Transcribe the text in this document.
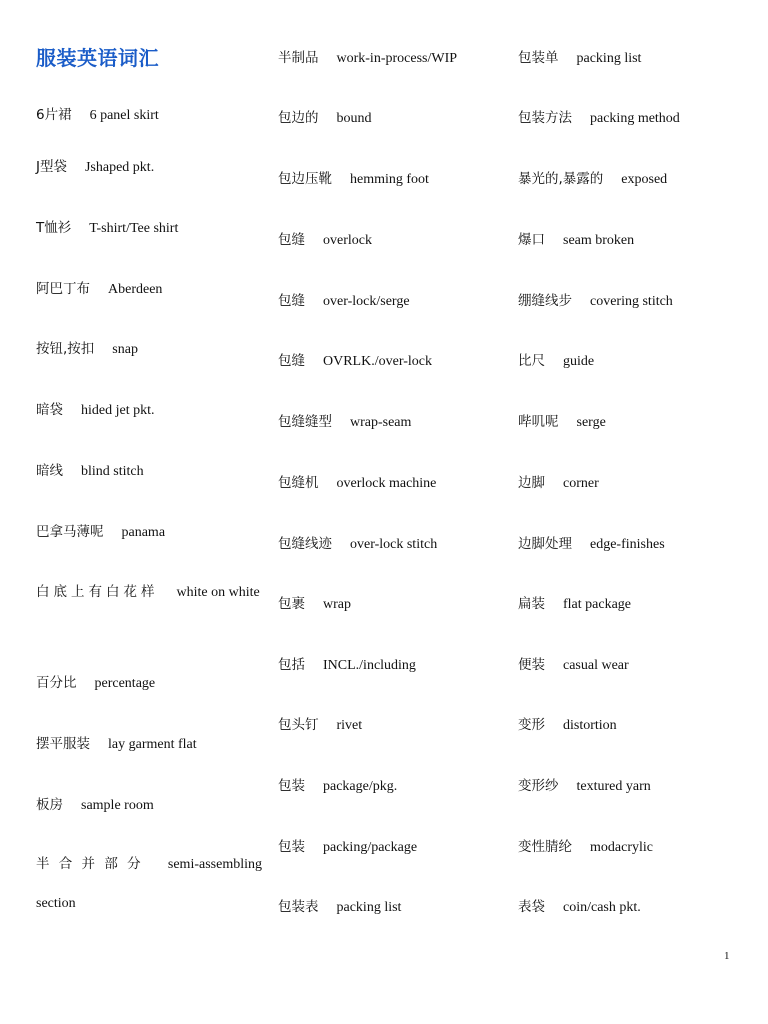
服装英语词汇
6片裙 6 panel skirt
J型袋 Jshaped pkt.
T恤衫 T-shirt/Tee shirt
阿巴丁布 Aberdeen
按钮,按扣 snap
暗袋 hided jet pkt.
暗线 blind stitch
巴拿马薄呢 panama
白底上有白花样 white on white
百分比 percentage
摆平服装 lay garment flat
板房 sample room
半合并部分 semi-assembling section
半制品 work-in-process/WIP
包边的 bound
包边压靴 hemming foot
包缝 overlock
包缝 over-lock/serge
包缝 OVRLK./over-lock
包缝缝型 wrap-seam
包缝机 overlock machine
包缝线迹 over-lock stitch
包裹 wrap
包括 INCL./including
包头钉 rivet
包装 package/pkg.
包装 packing/package
包装表 packing list
包装单 packing list
包装方法 packing method
暴光的,暴露的 exposed
爆口 seam broken
绷缝线步 covering stitch
比尺 guide
哔叽呢 serge
边脚 corner
边脚处理 edge-finishes
扁装 flat package
便装 casual wear
变形 distortion
变形纱 textured yarn
变性腈纶 modacrylic
表袋 coin/cash pkt.
1
